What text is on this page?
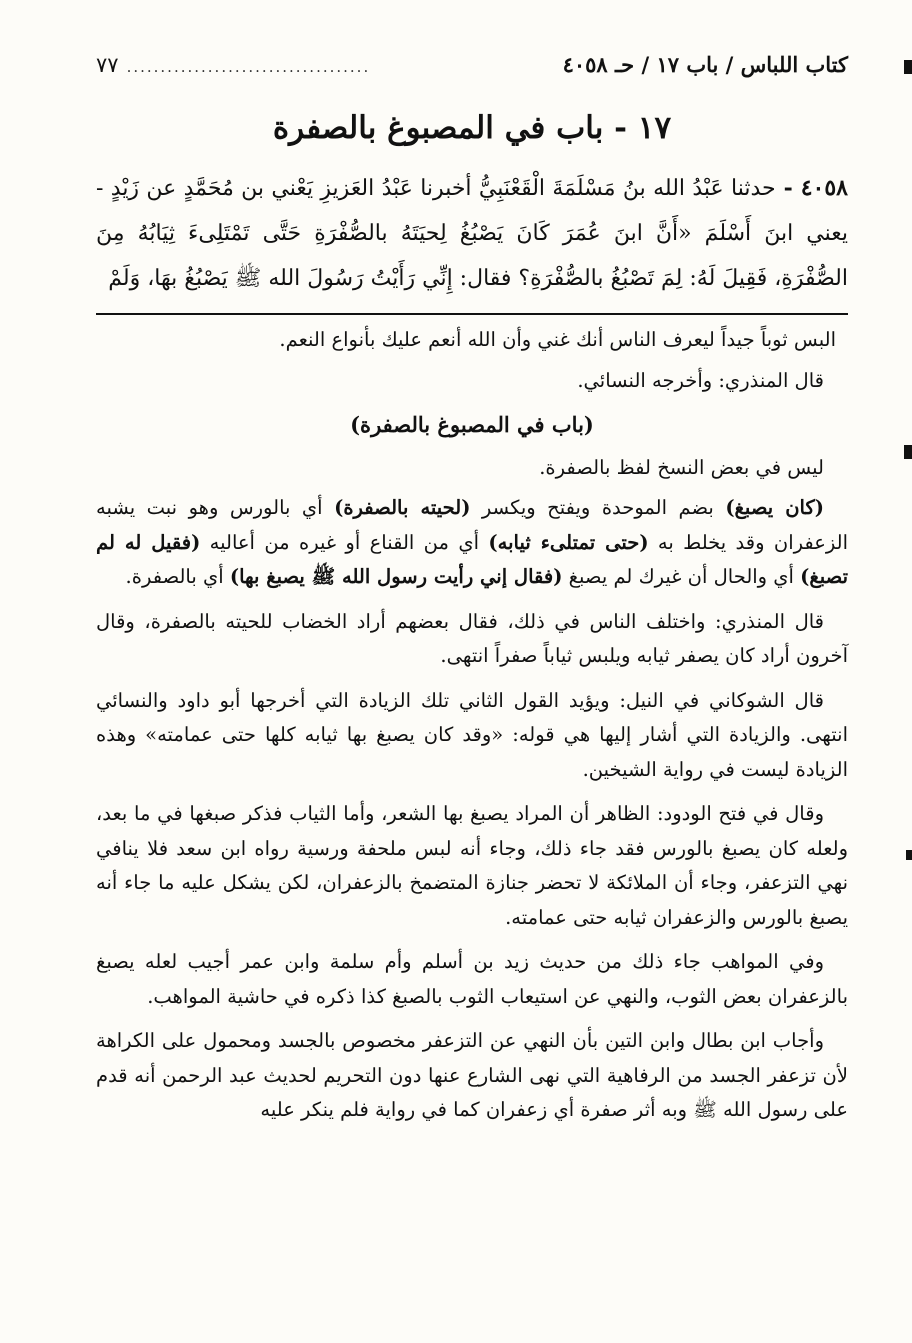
كتاب اللباس / باب ١٧ / حـ ٤٠٥٨
٧٧ ....................................
١٧ - باب في المصبوغ بالصفرة
٤٠٥٨ - حدثنا عَبْدُ الله بنُ مَسْلَمَةَ الْقَعْنَبِيُّ أخبرنا عَبْدُ العَزيزِ يَعْني بن مُحَمَّدٍ عن زَيْدٍ - يعني ابنَ أَسْلَمَ «أَنَّ ابنَ عُمَرَ كَانَ يَصْبُغُ لِحيَتَهُ بالصُّفْرَةِ حَتَّى تَمْتَلِىءَ ثِيَابُهُ مِنَ الصُّفْرَةِ، فَقِيلَ لَهُ: لِمَ تَصْبُغُ بالصُّفْرَةِ؟ فقال: إِنِّي رَأَيْتُ رَسُولَ الله ﷺ يَصْبُغُ بهَا، وَلَمْ

البس ثوباً جيداً ليعرف الناس أنك غني وأن الله أنعم عليك بأنواع النعم.

قال المنذري: وأخرجه النسائي.

(باب في المصبوغ بالصفرة)

ليس في بعض النسخ لفظ بالصفرة.

(كان يصبغ) بضم الموحدة ويفتح ويكسر (لحيته بالصفرة) أي بالورس وهو نبت يشبه الزعفران وقد يخلط به (حتى تمتلىء ثيابه) أي من القناع أو غيره من أعاليه (فقيل له لم تصبغ) أي والحال أن غيرك لم يصبغ (فقال إني رأيت رسول الله ﷺ يصبغ بها) أي بالصفرة.

قال المنذري: واختلف الناس في ذلك، فقال بعضهم أراد الخضاب للحيته بالصفرة، وقال آخرون أراد كان يصفر ثيابه ويلبس ثياباً صفراً انتهى.

قال الشوكاني في النيل: ويؤيد القول الثاني تلك الزيادة التي أخرجها أبو داود والنسائي انتهى. والزيادة التي أشار إليها هي قوله: «وقد كان يصبغ بها ثيابه كلها حتى عمامته» وهذه الزيادة ليست في رواية الشيخين.

وقال في فتح الودود: الظاهر أن المراد يصبغ بها الشعر، وأما الثياب فذكر صبغها في ما بعد، ولعله كان يصبغ بالورس فقد جاء ذلك، وجاء أنه لبس ملحفة ورسية رواه ابن سعد فلا ينافي نهي التزعفر، وجاء أن الملائكة لا تحضر جنازة المتضمخ بالزعفران، لكن يشكل عليه ما جاء أنه يصبغ بالورس والزعفران ثيابه حتى عمامته.

وفي المواهب جاء ذلك من حديث زيد بن أسلم وأم سلمة وابن عمر أجيب لعله يصبغ بالزعفران بعض الثوب، والنهي عن استيعاب الثوب بالصبغ كذا ذكره في حاشية المواهب.

وأجاب ابن بطال وابن التين بأن النهي عن التزعفر مخصوص بالجسد ومحمول على الكراهة لأن تزعفر الجسد من الرفاهية التي نهى الشارع عنها دون التحريم لحديث عبد الرحمن أنه قدم على رسول الله ﷺ وبه أثر صفرة أي زعفران كما في رواية فلم ينكر عليه
